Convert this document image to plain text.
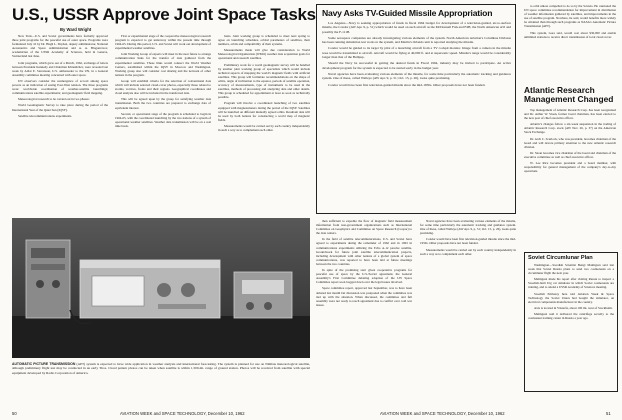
U.S., USSR Approve Joint Space Tasks
By Ward Wright

New York—U.S. and Soviet governments have formally approved three joint programs for the peaceful use of outer space. Programs were formulated July 10 by Dr. Hugh L. Dryden, deputy administrator, National Aeronautics and Space Administration and A. A. Blagonravov, academician of the USSR Academy of Sciences, held in Geneva, Switzerland last June.

Joint programs, which grew out of a March, 1962, exchange of letters between President Kennedy and Chairman Khrushchev, were revealed last week by Adlai E. Stevenson, U.S. ambassador to the UN, in a General Assembly committee meeting concerned with outer space.

UN observers consider the reemergence of accord among space powers as an indication of easing East-West tension. The three programs were: worldwide coordination of weather-satellite launchings; communications satellite experiments; and geomagnetic field mapping.

Meteorological research to be carried out in two phases:

World Geomagnetic Survey to take place during the period of the International Year of the Quiet Sun (IQSY).

Satellite telecommunications experiments.

First or experimental stage of the cooperative meteorological research program is expected to get underway within the present time through 1964-65. During this period, U.S. and Soviet will work out development of experimental weather satellites.

Joint Working Group of experts will meet in the near future to arrange communication links for the transfer of data gathered from the experimental satellites. These links would connect the World Weather Centers, established within the IQSY in Moscow and Washington. Working group also will consider cost sharing and the network of other nations in the program.

Group will establish criteria for the selection of conventional data which will include selected cloud-cover photos, especially those related to storms, vortices, fronts and their regions. Geographical coordinates and cloud analysis also will be included in the transferred data.

This will be agreed upon by the group for satisfying weather data transmission. Both the two countries are prepared to exchange data of equivalent interest.

Second, or operational stage of the program is scheduled to begin in 1964-65, with the coordinated launching by the two nations of a system of operational weather satellites. Weather data transmission will be on a real time basis.

basis. Joint working group is scheduled to meet next spring to agree on launching schedules, orbital parameters of satellites, their numbers, orbits and compatibility of their systems.

Measurements made will give due consideration to World Meteorological Organization (WMO) weather data acquisition goals for operational and research satellites.

Preliminary work for a world geomagnetic survey will be handled by another joint working group of specialists which would include technical aspects of mapping the world's magnetic fields with artificial satellites. This group will formulate recommendations on the shape of orbits, angle of inclination to the equator, periods of satellite operation, accuracy of measurements, type of instruments to be used in the satellites, methods of processing and analyzing data and other details. This group is scheduled for appointment at least as soon as technically possible.

Program will involve a coordinated launching of two satellites equipped with magnetometers during the period of the IQSY. Satellites will be launched on different mutually agreed orbits. Resultant data will be used by both nations for constructing a world map of magnetic fields.

Measurements would be carried out by each country independently in such a way as to complement each other.

AUTOMATIC PICTURE TRANSMISSION (APT) system is expected to have wide application in weather analysis and international forecasting. The system is planned for use on Nimbus meteorological satellite, although preliminary flight test may be conducted in an early Tiros. Cloud pattern photos can be taken when satellite is within 1,500-mi. range of ground station. Photos will be received from satellite with special equipment developed by Radio Corporation of America.
Navy Asks TV-Guided Missile Appropriation

Los Angeles—Navy is seeking appropriation of funds in fiscal 1964 budget for development of a television-guided, air-to-surface missile, the Condor (AW Apr. 9, p. 51) which would be used on such aircraft as the McDonnell F4A and F4H, the North American A5J and possibly the F-111B.

Some aerospace companies are already investigating various elements of the system. North American Aviation's Columbus Division has been running simulation test work on the system, and Martin's Orlando unit is reported studying the missile.

Condor would be guided to its target by pilot of a launching aircraft from a TV cockpit monitor. Image from a camera in the missile nose would be transmitted to aircraft. Aircraft would be flying at 40,000 ft. and at supersonic speed. Missile's range would be considerably longer than that of the Bullpup.

Should the Navy be successful in getting the desired funds in Fiscal 1964, industry may be invited to participate. An active development program for the system is expected to be started early in the budget year.

Naval agencies have been evaluating various elements of the missile, for some time particularly the automatic tracking and guidance system. One of these, called Walleye (AW Apr. 9, p. 51; Oct. 15, p. 26), looks quite promising.

Condor would have been first television-guided missile since the mid-1950s. Other proposals have not been funded.

then sufficient to expedite the flow of magnetic field measurement information from non-government organizations such as International Committee on Geophysics and Committee on Space Research (Cospar) to the data centers.

In the field of satellite telecommunications, U.S. and Soviet have agreed to experiments during the remainder of 1962 and in 1963 in communications experiments utilizing the Echo A-12 passive satellite. Groundwork for future joint satellite telecommunication projects, including development with other nations of a global system of space communications, was reported to have been laid at future meetings between the two countries.

In spite of the promising start given cooperative programs for peaceful use of space by the U.S./Soviet agreement, the General Assembly's First Committee debating adoption of the UN Space Committee report soon bogged down over the legal issues involved.

Space committee report, approved last September, was to have been debated last month but discussion was postponed when the committee was tied up with the situation. When discussed, the committee and full assembly were not ready to reach agreement due to conflict over cold war issues.

Naval agencies have been evaluating various elements of the missile, for some time particularly the automatic tracking and guidance system. One of these, called Walleye (AW Apr. 9, p. 51; Oct. 15, p. 26), looks quite promising.

Condor would have been first television-guided missile since the mid-1950s. Other proposals have not been funded.

Measurements would be carried out by each country independently in such a way as to complement each other.

to orbit unless compelled to do so by the Soviets. He cautioned the UN space committee recommendation for improvement in distribution of weather information gathered by satellites, and improvements in the use of satellite program. Nowhere, he said, would benefits more widely be obtained than through such programs as NASA's Automatic Picture Transmission (APT).

This system, Gore said, would cost about $30,000 and enable unlimited stations to receive direct transmission of local cloud cover.

Atlantic Research Management Changed

Top management of Atlantic Research Corp. has been reorganized and Dr. Arthur W. Sloan, former board chairman, has been elected to the new post of chief executive officer.

Atlantic's changes follow a six-week suspension in the trading of Atlantic Research Corp. stock (AW Nov. 26, p. 37) on the American Stock Exchange.

Dr. Arch C. Scurlock, who was president, becomes chairman of the board and will devote primary attention to the new Atlantic research division.

Dr. Sloan becomes vice chairman of the board and chairman of the executive committee as well as chief executive officer.

W. Lee Rice becomes president and a board member, with responsibility for general management of the company's day-to-day operations.

Soviet Circumlunar Plan

Washington—Swedish Scientist Bengt Malmgren said last week that Soviet Russia plans to send two cosmonauts on a circumlunar flight the next year.

Malmgren made his report after visiting Russia to inspect a Swedish-built Utg car simulator in which Soviet cosmonauts are training, and to attend a USSR Academy of Sciences meeting.

Swedish Embassy here told Aviation Week & Space Technology the Soviet Union had bought the simulator, an electrical components manufacturer in the country.

Axis is located in Västerås, about 100 mi. west of Stockholm.

Malmgren said it delivered the centrifuge secretly to the cosmonaut training center in Russia a year ago.

50	AVIATION WEEK and SPACE TECHNOLOGY, December 10, 1962	AVIATION WEEK and SPACE TECHNOLOGY, December 10, 1962	51
